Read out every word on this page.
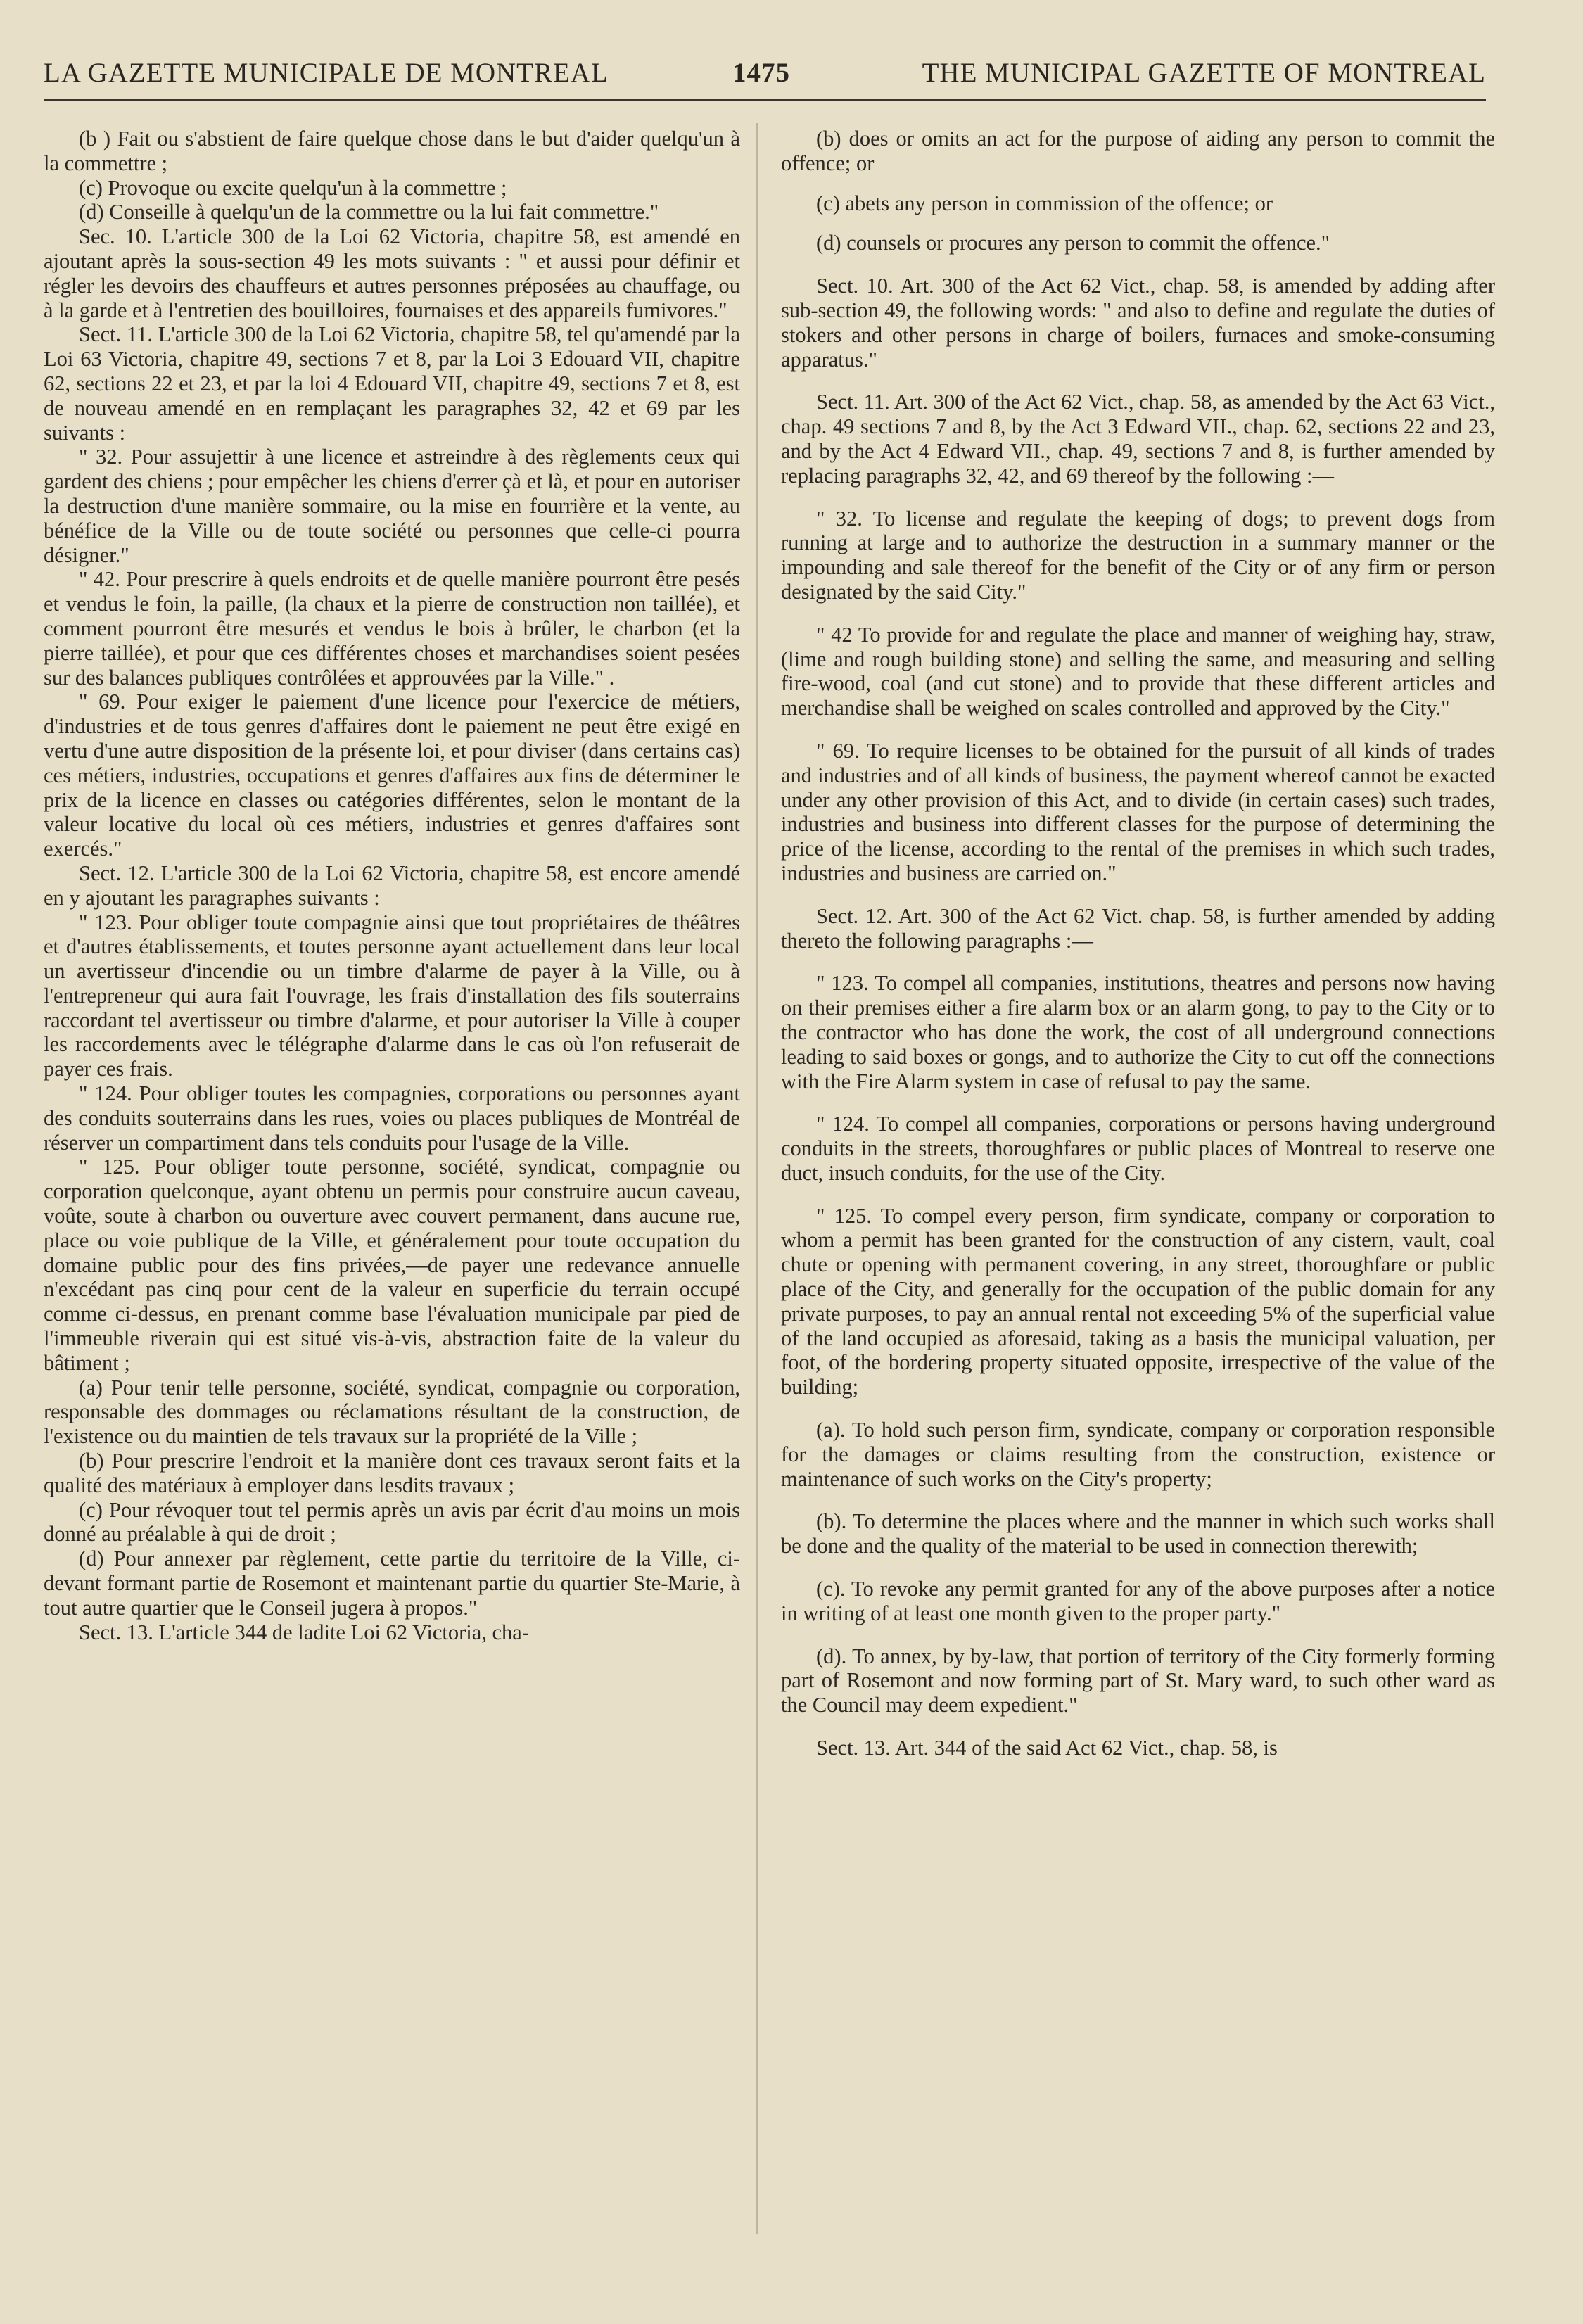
LA GAZETTE MUNICIPALE DE MONTREAL	1475	THE MUNICIPAL GAZETTE OF MONTREAL

(b ) Fait ou s'abstient de faire quelque chose dans le but d'aider quelqu'un à la commettre ;

(c) Provoque ou excite quelqu'un à la commettre ;

(d) Conseille à quelqu'un de la commettre ou la lui fait commettre."

Sec. 10. L'article 300 de la Loi 62 Victoria, chapitre 58, est amendé en ajoutant après la sous-section 49 les mots suivants : " et aussi pour définir et régler les devoirs des chauffeurs et autres personnes préposées au chauffage, ou à la garde et à l'entretien des bouilloires, fournaises et des appareils fumivores."

Sect. 11. L'article 300 de la Loi 62 Victoria, chapitre 58, tel qu'amendé par la Loi 63 Victoria, chapitre 49, sections 7 et 8, par la Loi 3 Edouard VII, chapitre 62, sections 22 et 23, et par la loi 4 Edouard VII, chapitre 49, sections 7 et 8, est de nouveau amendé en en remplaçant les paragraphes 32, 42 et 69 par les suivants :

" 32. Pour assujettir à une licence et astreindre à des règlements ceux qui gardent des chiens ; pour empêcher les chiens d'errer çà et là, et pour en autoriser la destruction d'une manière sommaire, ou la mise en fourrière et la vente, au bénéfice de la Ville ou de toute société ou personnes que celle-ci pourra désigner."

" 42. Pour prescrire à quels endroits et de quelle manière pourront être pesés et vendus le foin, la paille, (la chaux et la pierre de construction non taillée), et comment pourront être mesurés et vendus le bois à brûler, le charbon (et la pierre taillée), et pour que ces différentes choses et marchandises soient pesées sur des balances publiques contrôlées et approuvées par la Ville." .

" 69. Pour exiger le paiement d'une licence pour l'exercice de métiers, d'industries et de tous genres d'affaires dont le paiement ne peut être exigé en vertu d'une autre disposition de la présente loi, et pour diviser (dans certains cas) ces métiers, industries, occupations et genres d'affaires aux fins de déterminer le prix de la licence en classes ou catégories différentes, selon le montant de la valeur locative du local où ces métiers, industries et genres d'affaires sont exercés."

Sect. 12. L'article 300 de la Loi 62 Victoria, chapitre 58, est encore amendé en y ajoutant les paragraphes suivants :

" 123. Pour obliger toute compagnie ainsi que tout propriétaires de théâtres et d'autres établissements, et toutes personne ayant actuellement dans leur local un avertisseur d'incendie ou un timbre d'alarme de payer à la Ville, ou à l'entrepreneur qui aura fait l'ouvrage, les frais d'installation des fils souterrains raccordant tel avertisseur ou timbre d'alarme, et pour autoriser la Ville à couper les raccordements avec le télégraphe d'alarme dans le cas où l'on refuserait de payer ces frais.

" 124. Pour obliger toutes les compagnies, corporations ou personnes ayant des conduits souterrains dans les rues, voies ou places publiques de Montréal de réserver un compartiment dans tels conduits pour l'usage de la Ville.

" 125. Pour obliger toute personne, société, syndicat, compagnie ou corporation quelconque, ayant obtenu un permis pour construire aucun caveau, voûte, soute à charbon ou ouverture avec couvert permanent, dans aucune rue, place ou voie publique de la Ville, et généralement pour toute occupation du domaine public pour des fins privées,—de payer une redevance annuelle n'excédant pas cinq pour cent de la valeur en superficie du terrain occupé comme ci-dessus, en prenant comme base l'évaluation municipale par pied de l'immeuble riverain qui est situé vis-à-vis, abstraction faite de la valeur du bâtiment ;

(a) Pour tenir telle personne, société, syndicat, compagnie ou corporation, responsable des dommages ou réclamations résultant de la construction, de l'existence ou du maintien de tels travaux sur la propriété de la Ville ;

(b) Pour prescrire l'endroit et la manière dont ces travaux seront faits et la qualité des matériaux à employer dans lesdits travaux ;

(c) Pour révoquer tout tel permis après un avis par écrit d'au moins un mois donné au préalable à qui de droit ;

(d) Pour annexer par règlement, cette partie du territoire de la Ville, ci-devant formant partie de Rosemont et maintenant partie du quartier Ste-Marie, à tout autre quartier que le Conseil jugera à propos."

Sect. 13. L'article 344 de ladite Loi 62 Victoria, cha-

(b) does or omits an act for the purpose of aiding any person to commit the offence; or

(c) abets any person in commission of the offence; or

(d) counsels or procures any person to commit the offence."

Sect. 10. Art. 300 of the Act 62 Vict., chap. 58, is amended by adding after sub-section 49, the following words: " and also to define and regulate the duties of stokers and other persons in charge of boilers, furnaces and smoke-consuming apparatus."

Sect. 11. Art. 300 of the Act 62 Vict., chap. 58, as amended by the Act 63 Vict., chap. 49 sections 7 and 8, by the Act 3 Edward VII., chap. 62, sections 22 and 23, and by the Act 4 Edward VII., chap. 49, sections 7 and 8, is further amended by replacing paragraphs 32, 42, and 69 thereof by the following :—

" 32. To license and regulate the keeping of dogs; to prevent dogs from running at large and to authorize the destruction in a summary manner or the impounding and sale thereof for the benefit of the City or of any firm or person designated by the said City."

" 42 To provide for and regulate the place and manner of weighing hay, straw, (lime and rough building stone) and selling the same, and measuring and selling fire-wood, coal (and cut stone) and to provide that these different articles and merchandise shall be weighed on scales controlled and approved by the City."

" 69. To require licenses to be obtained for the pursuit of all kinds of trades and industries and of all kinds of business, the payment whereof cannot be exacted under any other provision of this Act, and to divide (in certain cases) such trades, industries and business into different classes for the purpose of determining the price of the license, according to the rental of the premises in which such trades, industries and business are carried on."

Sect. 12. Art. 300 of the Act 62 Vict. chap. 58, is further amended by adding thereto the following paragraphs :—

" 123. To compel all companies, institutions, theatres and persons now having on their premises either a fire alarm box or an alarm gong, to pay to the City or to the contractor who has done the work, the cost of all underground connections leading to said boxes or gongs, and to authorize the City to cut off the connections with the Fire Alarm system in case of refusal to pay the same.

" 124. To compel all companies, corporations or persons having underground conduits in the streets, thoroughfares or public places of Montreal to reserve one duct, insuch conduits, for the use of the City.

" 125. To compel every person, firm syndicate, company or corporation to whom a permit has been granted for the construction of any cistern, vault, coal chute or opening with permanent covering, in any street, thoroughfare or public place of the City, and generally for the occupation of the public domain for any private purposes, to pay an annual rental not exceeding 5% of the superficial value of the land occupied as aforesaid, taking as a basis the municipal valuation, per foot, of the bordering property situated opposite, irrespective of the value of the building;

(a). To hold such person firm, syndicate, company or corporation responsible for the damages or claims resulting from the construction, existence or maintenance of such works on the City's property;

(b). To determine the places where and the manner in which such works shall be done and the quality of the material to be used in connection therewith;

(c). To revoke any permit granted for any of the above purposes after a notice in writing of at least one month given to the proper party."

(d). To annex, by by-law, that portion of territory of the City formerly forming part of Rosemont and now forming part of St. Mary ward, to such other ward as the Council may deem expedient."

Sect. 13. Art. 344 of the said Act 62 Vict., chap. 58, is
